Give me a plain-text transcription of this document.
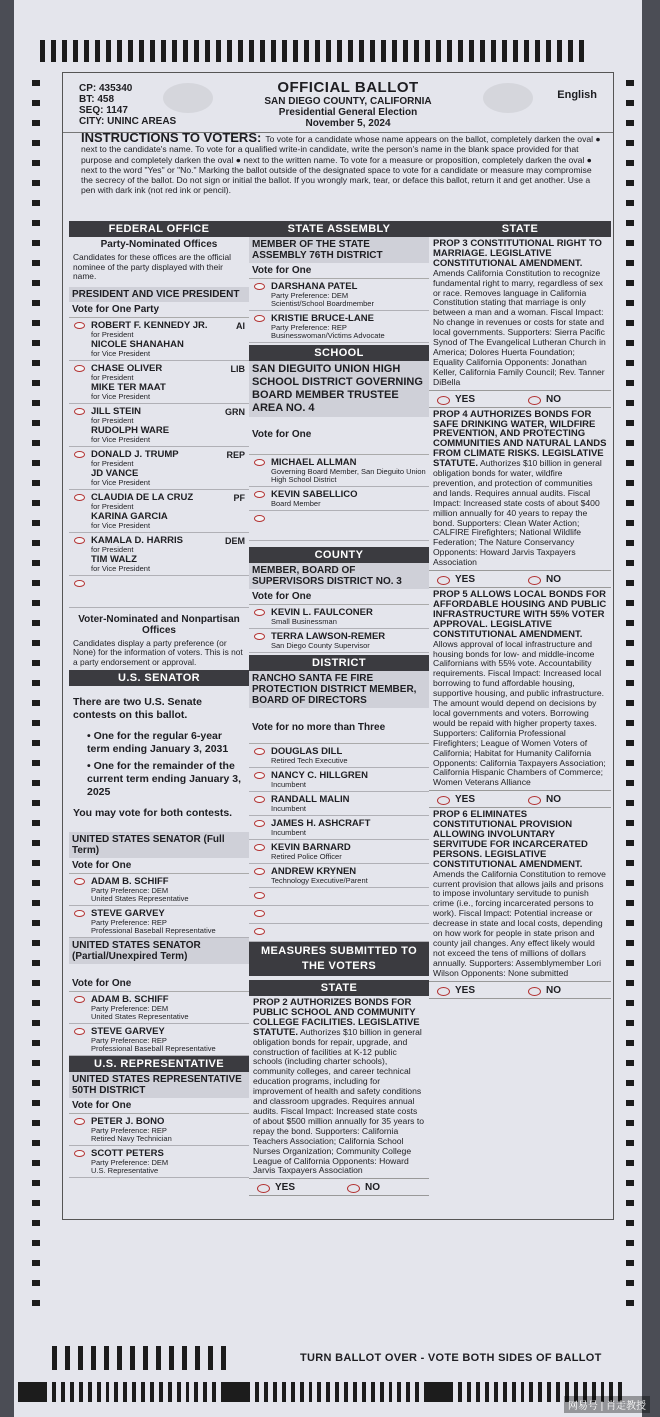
CP: 435340
BT: 458
SEQ: 1147
CITY: UNINC AREAS
OFFICIAL BALLOT
SAN DIEGO COUNTY, CALIFORNIA
Presidential General Election
November 5, 2024
English
INSTRUCTIONS TO VOTERS: To vote for a candidate whose name appears on the ballot, completely darken the oval ● next to the candidate's name. To vote for a qualified write-in candidate, write the person's name in the blank space provided for that purpose and completely darken the oval ● next to the written name. To vote for a measure or proposition, completely darken the oval ● next to the word "Yes" or "No." Marking the ballot outside of the designated space to vote for a candidate or measure may compromise the secrecy of the ballot. Do not sign or initial the ballot. If you wrongly mark, tear, or deface this ballot, return it and get another. Use a pen with dark ink (not red ink or pencil).
FEDERAL OFFICE
Party-Nominated Offices
Candidates for these offices are the official nominee of the party displayed with their name.
PRESIDENT AND VICE PRESIDENT
Vote for One Party
ROBERT F. KENNEDY JR.
for President
NICOLE SHANAHAN
for Vice President
AI
CHASE OLIVER
for President
MIKE TER MAAT
for Vice President
LIB
JILL STEIN
for President
RUDOLPH WARE
for Vice President
GRN
DONALD J. TRUMP
for President
JD VANCE
for Vice President
REP
CLAUDIA DE LA CRUZ
for President
KARINA GARCIA
for Vice President
PF
KAMALA D. HARRIS
for President
TIM WALZ
for Vice President
DEM
Voter-Nominated and Nonpartisan Offices
Candidates display a party preference (or None) for the information of voters. This is not a party endorsement or approval.
U.S. SENATOR
There are two U.S. Senate contests on this ballot.
• One for the regular 6-year term ending January 3, 2031
• One for the remainder of the current term ending January 3, 2025
You may vote for both contests.
UNITED STATES SENATOR (Full Term)
Vote for One
ADAM B. SCHIFF
Party Preference: DEM
United States Representative
STEVE GARVEY
Party Preference: REP
Professional Baseball Representative
UNITED STATES SENATOR (Partial/Unexpired Term)
Vote for One
ADAM B. SCHIFF
Party Preference: DEM
United States Representative
STEVE GARVEY
Party Preference: REP
Professional Baseball Representative
U.S. REPRESENTATIVE
UNITED STATES REPRESENTATIVE 50TH DISTRICT
Vote for One
PETER J. BONO
Party Preference: REP
Retired Navy Technician
SCOTT PETERS
Party Preference: DEM
U.S. Representative
STATE ASSEMBLY
MEMBER OF THE STATE ASSEMBLY 76TH DISTRICT
Vote for One
DARSHANA PATEL
Party Preference: DEM
Scientist/School Boardmember
KRISTIE BRUCE-LANE
Party Preference: REP
Businesswoman/Victims Advocate
SCHOOL
SAN DIEGUITO UNION HIGH SCHOOL DISTRICT GOVERNING BOARD MEMBER TRUSTEE AREA NO. 4
Vote for One
MICHAEL ALLMAN
Governing Board Member, San Dieguito Union High School District
KEVIN SABELLICO
Board Member
COUNTY
MEMBER, BOARD OF SUPERVISORS DISTRICT NO. 3
Vote for One
KEVIN L. FAULCONER
Small Businessman
TERRA LAWSON-REMER
San Diego County Supervisor
DISTRICT
RANCHO SANTA FE FIRE PROTECTION DISTRICT MEMBER, BOARD OF DIRECTORS
Vote for no more than Three
DOUGLAS DILL
Retired Tech Executive
NANCY C. HILLGREN
Incumbent
RANDALL MALIN
Incumbent
JAMES H. ASHCRAFT
Incumbent
KEVIN BARNARD
Retired Police Officer
ANDREW KRYNEN
Technology Executive/Parent
MEASURES SUBMITTED TO THE VOTERS
STATE
PROP 2 AUTHORIZES BONDS FOR PUBLIC SCHOOL AND COMMUNITY COLLEGE FACILITIES. LEGISLATIVE STATUTE. Authorizes $10 billion in general obligation bonds for repair, upgrade, and construction of facilities at K-12 public schools (including charter schools), community colleges, and career technical education programs, including for improvement of health and safety conditions and classroom upgrades. Requires annual audits. Fiscal Impact: Increased state costs of about $500 million annually for 35 years to repay the bond. Supporters: California Teachers Association; California School Nurses Organization; Community College League of California Opponents: Howard Jarvis Taxpayers Association
YES	NO
STATE
PROP 3 CONSTITUTIONAL RIGHT TO MARRIAGE. LEGISLATIVE CONSTITUTIONAL AMENDMENT. Amends California Constitution to recognize fundamental right to marry, regardless of sex or race. Removes language in California Constitution stating that marriage is only between a man and a woman. Fiscal Impact: No change in revenues or costs for state and local governments. Supporters: Sierra Pacific Synod of The Evangelical Lutheran Church in America; Dolores Huerta Foundation; Equality California Opponents: Jonathan Keller, California Family Council; Rev. Tanner DiBella
YES	NO
PROP 4 AUTHORIZES BONDS FOR SAFE DRINKING WATER, WILDFIRE PREVENTION, AND PROTECTING COMMUNITIES AND NATURAL LANDS FROM CLIMATE RISKS. LEGISLATIVE STATUTE. Authorizes $10 billion in general obligation bonds for water, wildfire prevention, and protection of communities and lands. Requires annual audits. Fiscal Impact: Increased state costs of about $400 million annually for 40 years to repay the bond. Supporters: Clean Water Action; CALFIRE Firefighters; National Wildlife Federation; The Nature Conservancy Opponents: Howard Jarvis Taxpayers Association
YES	NO
PROP 5 ALLOWS LOCAL BONDS FOR AFFORDABLE HOUSING AND PUBLIC INFRASTRUCTURE WITH 55% VOTER APPROVAL. LEGISLATIVE CONSTITUTIONAL AMENDMENT. Allows approval of local infrastructure and housing bonds for low- and middle-income Californians with 55% vote. Accountability requirements. Fiscal Impact: Increased local borrowing to fund affordable housing, supportive housing, and public infrastructure. The amount would depend on decisions by local governments and voters. Borrowing would be repaid with higher property taxes. Supporters: California Professional Firefighters; League of Women Voters of California; Habitat for Humanity California Opponents: California Taxpayers Association; California Hispanic Chambers of Commerce; Women Veterans Alliance
YES	NO
PROP 6 ELIMINATES CONSTITUTIONAL PROVISION ALLOWING INVOLUNTARY SERVITUDE FOR INCARCERATED PERSONS. LEGISLATIVE CONSTITUTIONAL AMENDMENT. Amends the California Constitution to remove current provision that allows jails and prisons to impose involuntary servitude to punish crime (i.e., forcing incarcerated persons to work). Fiscal Impact: Potential increase or decrease in state and local costs, depending on how work for people in state prison and county jail changes. Any effect likely would not exceed the tens of millions of dollars annually. Supporters: Assemblymember Lori Wilson Opponents: None submitted
YES	NO
TURN BALLOT OVER - VOTE BOTH SIDES OF BALLOT
网易号 | 肖走教授
